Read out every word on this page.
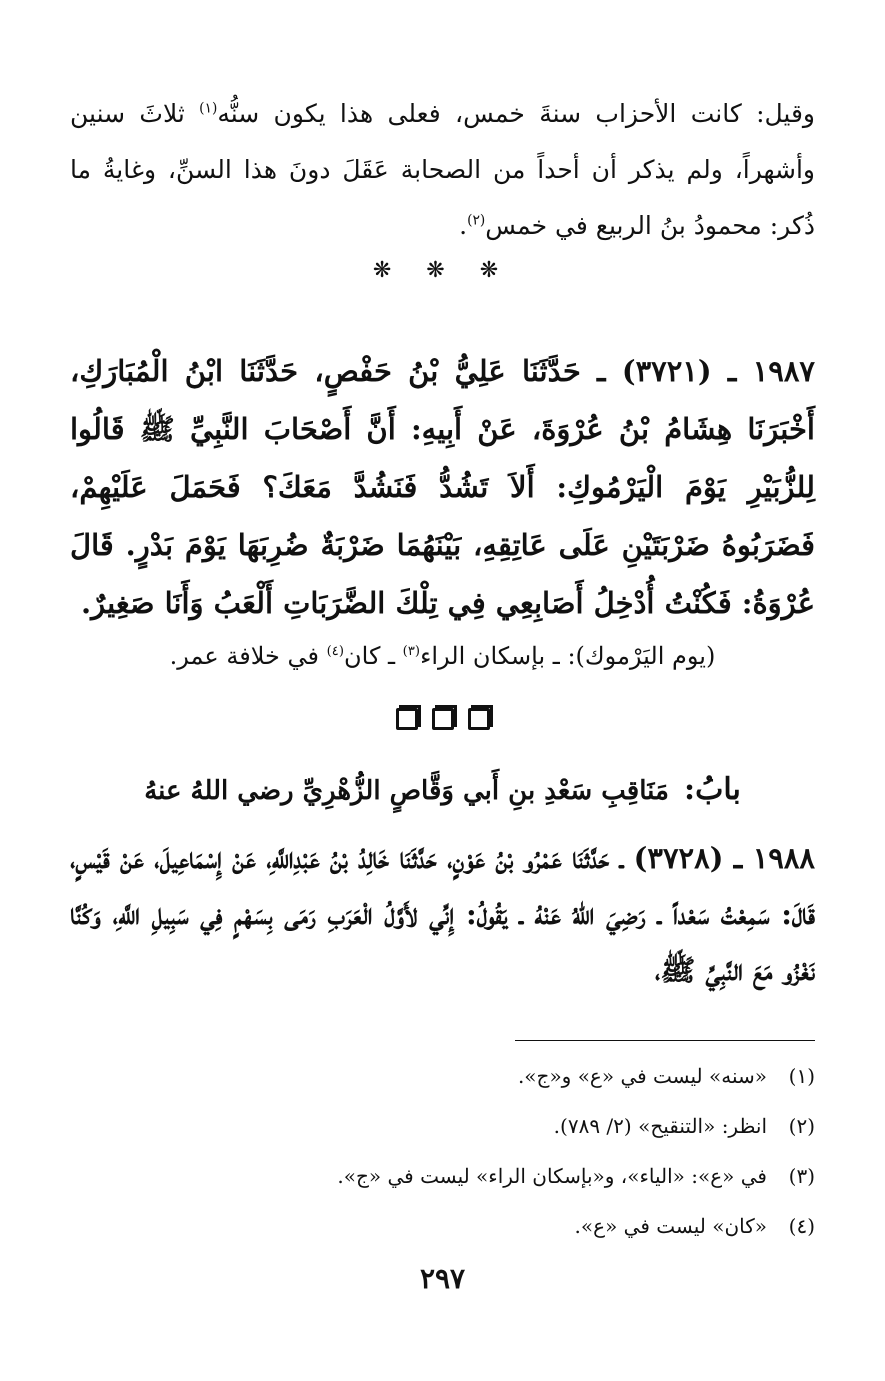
وقيل: كانت الأحزاب سنةَ خمس، فعلى هذا يكون سنُّه$^{(١)}$ ثلاثَ سنين وأشهراً، ولم يذكر أن أحداً من الصحابة عَقَلَ دونَ هذا السنِّ، وغايةُ ما ذُكر: محمودُ بنُ الربيع في خمس$^{(٢)}$.

❋ ❋ ❋

١٩٨٧ ـ (٣٧٢١) ـ حَدَّثَنَا عَلِيُّ بْنُ حَفْصٍ، حَدَّثَنَا ابْنُ الْمُبَارَكِ، أَخْبَرَنَا هِشَامُ بْنُ عُرْوَةَ، عَنْ أَبِيهِ: أَنَّ أَصْحَابَ النَّبِيِّ ﷺ قَالُوا لِلزُّبَيْرِ يَوْمَ الْيَرْمُوكِ: أَلاَ تَشُدُّ فَنَشُدَّ مَعَكَ؟ فَحَمَلَ عَلَيْهِمْ، فَضَرَبُوهُ ضَرْبَتَيْنِ عَلَى عَاتِقِهِ، بَيْنَهُمَا ضَرْبَةٌ ضُرِبَهَا يَوْمَ بَدْرٍ. قَالَ عُرْوَةُ: فَكُنْتُ أُدْخِلُ أَصَابِعِي فِي تِلْكَ الضَّرَبَاتِ أَلْعَبُ وَأَنَا صَغِيرٌ.

(يوم اليَرْموك): ـ بإسكان الراء$^{(٣)}$ ـ كان$^{(٤)}$ في خلافة عمر.

بابُ: مَنَاقِبِ سَعْدِ بنِ أَبي وَقَّاصٍ الزُّهْرِيِّ رضي اللهُ عنهُ

١٩٨٨ ـ (٣٧٢٨) ـ حَدَّثَنَا عَمْرُو بْنُ عَوْنٍ، حَدَّثَنَا خَالِدُ بْنُ عَبْدِاللَّهِ، عَنْ إِسْمَاعِيلَ، عَنْ قَيْسٍ، قَالَ: سَمِعْتُ سَعْداً ـ رَضِيَ اللهُ عَنْهُ ـ يَقُولُ: إِنِّي لأَوَّلُ الْعَرَبِ رَمَى بِسَهْمٍ فِي سَبِيلِ اللَّهِ، وَكُنَّا نَغْزُو مَعَ النَّبِيِّ ﷺ،

(١)
«سنه» ليست في «ع» و«ج».
(٢)
انظر: «التنقيح» (٢/ ٧٨٩).
(٣)
في «ع»: «الياء»، و«بإسكان الراء» ليست في «ج».
(٤)
«كان» ليست في «ع».
٢٩٧
